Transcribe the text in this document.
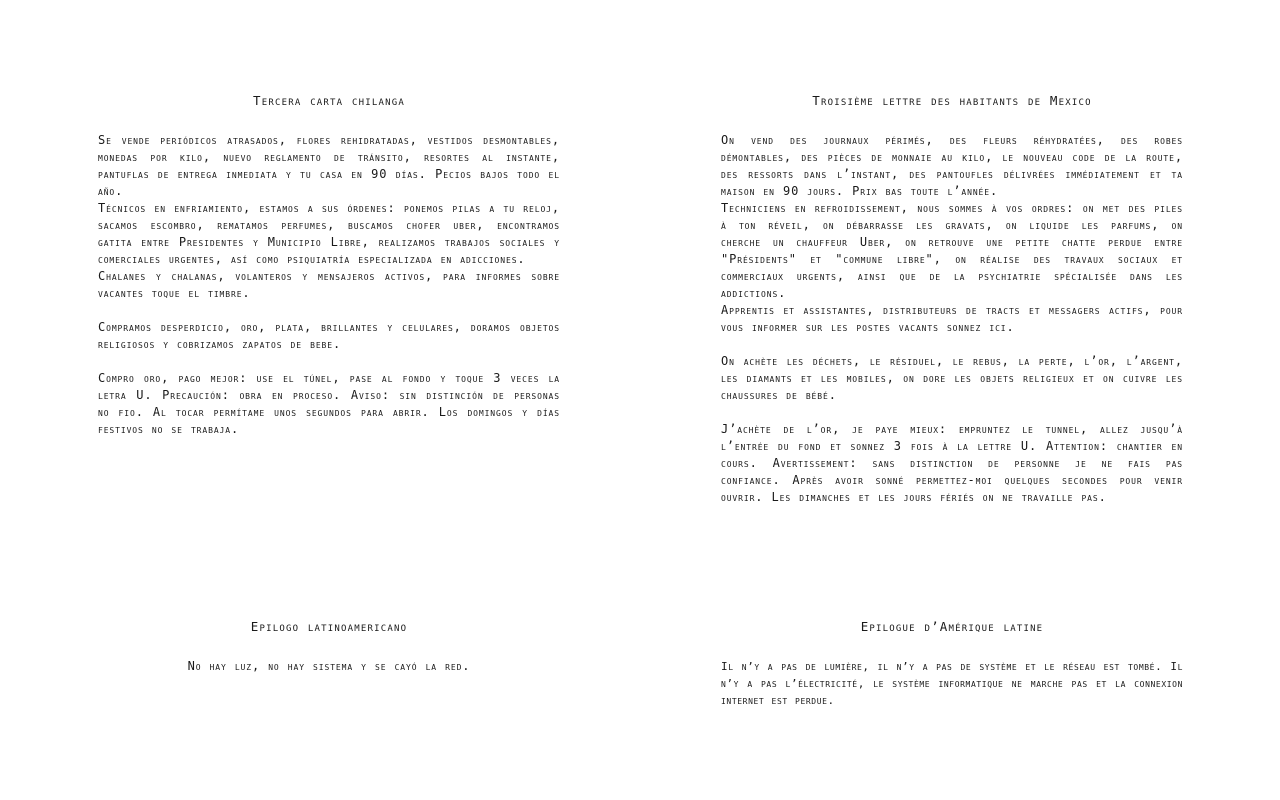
Tercera carta chilanga

Se vende periódicos atrasados, flores rehidratadas, vestidos desmontables, monedas por kilo, nuevo reglamento de tránsito, resortes al instante, pantuflas de entrega inmediata y tu casa en 90 días. Pecios bajos todo el año.

Técnicos en enfriamiento, estamos a sus órdenes: ponemos pilas a tu reloj, sacamos escombro, rematamos perfumes, buscamos chofer uber, encontramos gatita entre Presidentes y Municipio Libre, realizamos trabajos sociales y comerciales urgentes, así como psiquiatría especializada en adicciones.

Chalanes y chalanas, volanteros y mensajeros activos, para informes sobre vacantes toque el timbre.

Compramos desperdicio, oro, plata, brillantes y celulares, doramos objetos religiosos y cobrizamos zapatos de bebe.

Compro oro, pago mejor: use el túnel, pase al fondo y toque 3 veces la letra U. Precaución: obra en proceso. Aviso: sin distinción de personas no fio. Al tocar permítame unos segundos para abrir. Los domingos y días festivos no se trabaja.

Epilogo latinoamericano

No hay luz, no hay sistema y se cayó la red.

Troisième lettre des habitants de Mexico

On vend des journaux périmés, des fleurs réhydratées, des robes démontables, des pièces de monnaie au kilo, le nouveau code de la route, des ressorts dans l’instant, des pantoufles délivrées immédiatement et ta maison en 90 jours. Prix bas toute l’année.

Techniciens en refroidissement, nous sommes à vos ordres: on met des piles à ton réveil, on débarrasse les gravats, on liquide les parfums, on cherche un chauffeur Uber, on retrouve une petite chatte perdue entre "Présidents" et "commune libre", on réalise des travaux sociaux et commerciaux urgents, ainsi que de la psychiatrie spécialisée dans les addictions.

Apprentis et assistantes, distributeurs de tracts et messagers actifs, pour vous informer sur les postes vacants sonnez ici.

On achète les déchets, le résiduel, le rebus, la perte, l’or, l’argent, les diamants et les mobiles, on dore les objets religieux et on cuivre les chaussures de bébé.

J’achète de l’or, je paye mieux: empruntez le tunnel, allez jusqu’à l’entrée du fond et sonnez 3 fois à la lettre U. Attention: chantier en cours. Avertissement: sans distinction de personne je ne fais pas confiance. Après avoir sonné permettez-moi quelques secondes pour venir ouvrir. Les dimanches et les jours fériés on ne travaille pas.

Epilogue d’Amérique latine

Il n’y a pas de lumière, il n’y a pas de système et le réseau est tombé. Il n’y a pas l’électricité, le système informatique ne marche pas et la connexion internet est perdue.
